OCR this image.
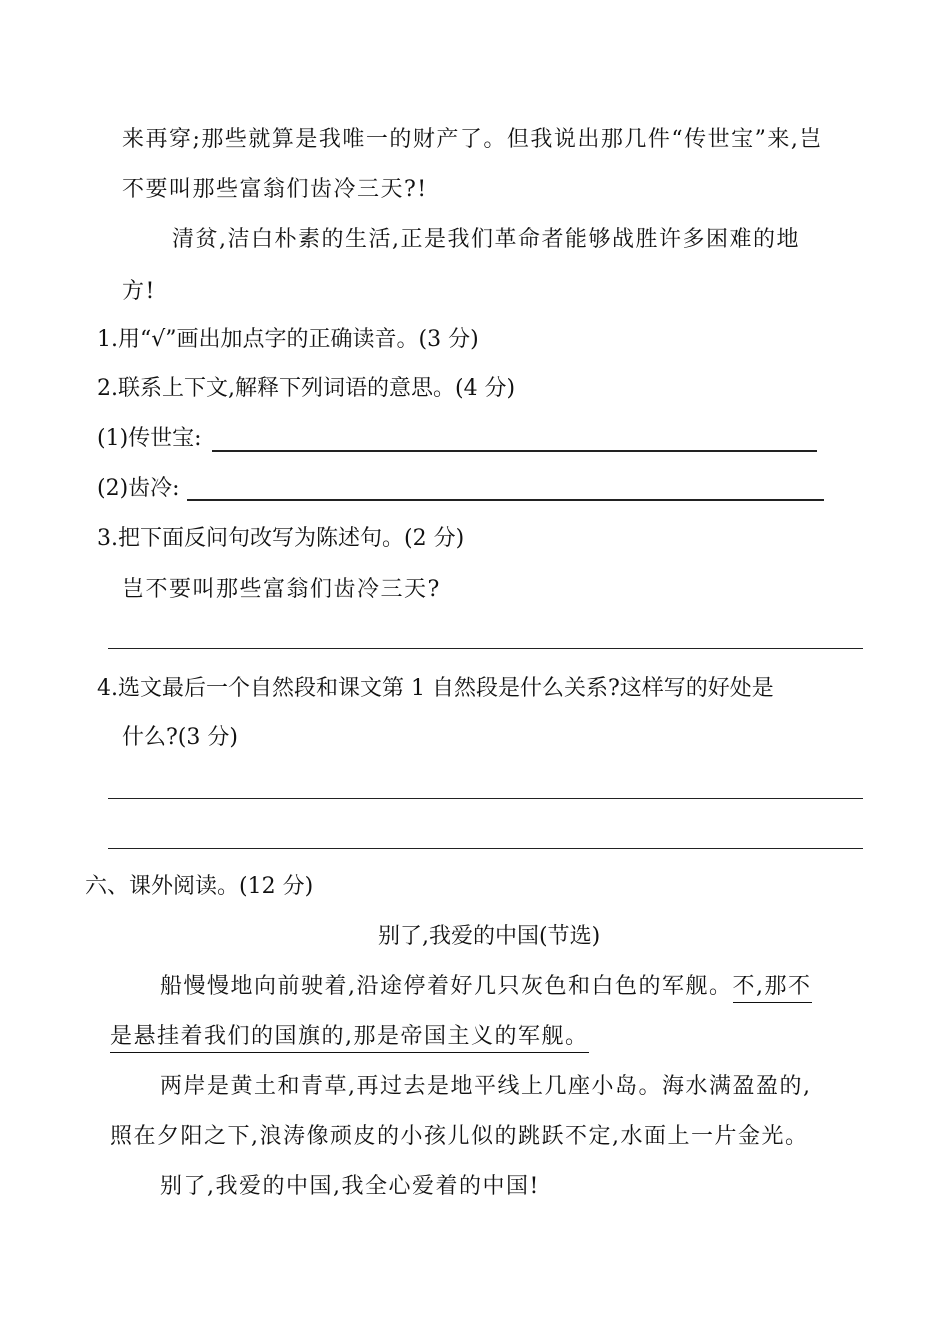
来再穿;那些就算是我唯一的财产了。但我说出那几件“传世宝”来,岂
不要叫那些富翁们齿冷三天?!
清贫,洁白朴素的生活,正是我们革命者能够战胜许多困难的地
方!
1.用“√”画出加点字的正确读音。(3 分)
2.联系上下文,解释下列词语的意思。(4 分)
(1)传世宝:
(2)齿冷:
3.把下面反问句改写为陈述句。(2 分)
岂不要叫那些富翁们齿冷三天?
4.选文最后一个自然段和课文第 1 自然段是什么关系?这样写的好处是
什么?(3 分)
六、课外阅读。(12 分)
别了,我爱的中国(节选)
船慢慢地向前驶着,沿途停着好几只灰色和白色的军舰。不,那不
是悬挂着我们的国旗的,那是帝国主义的军舰。
两岸是黄土和青草,再过去是地平线上几座小岛。海水满盈盈的,
照在夕阳之下,浪涛像顽皮的小孩儿似的跳跃不定,水面上一片金光。
别了,我爱的中国,我全心爱着的中国!
